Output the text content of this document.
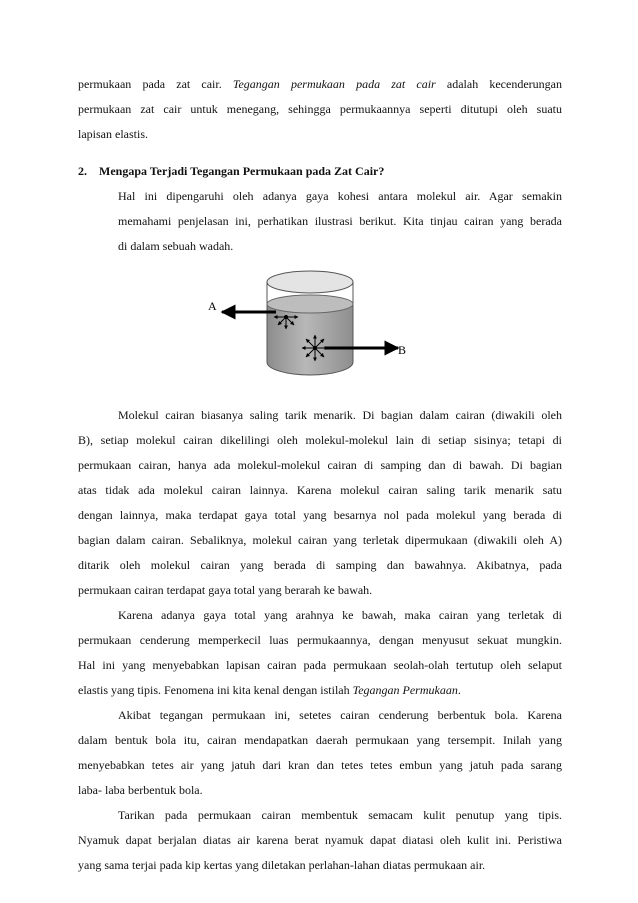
permukaan pada zat cair. Tegangan permukaan pada zat cair adalah kecenderungan
permukaan zat cair untuk menegang, sehingga permukaannya seperti ditutupi oleh suatu
lapisan elastis.
2. Mengapa Terjadi Tegangan Permukaan pada Zat Cair?
Hal ini dipengaruhi oleh adanya gaya kohesi antara molekul air. Agar semakin
memahami penjelasan ini, perhatikan ilustrasi berikut. Kita tinjau cairan yang berada
di dalam sebuah wadah.
A
B
Molekul cairan biasanya saling tarik menarik. Di bagian dalam cairan (diwakili oleh
B), setiap molekul cairan dikelilingi oleh molekul-molekul lain di setiap sisinya; tetapi di
permukaan cairan, hanya ada molekul-molekul cairan di samping dan di bawah. Di bagian
atas tidak ada molekul cairan lainnya. Karena molekul cairan saling tarik menarik satu
dengan lainnya, maka terdapat gaya total yang besarnya nol pada molekul yang berada di
bagian dalam cairan. Sebaliknya, molekul cairan yang terletak dipermukaan (diwakili oleh A)
ditarik oleh molekul cairan yang berada di samping dan bawahnya. Akibatnya, pada
permukaan cairan terdapat gaya total yang berarah ke bawah.
Karena adanya gaya total yang arahnya ke bawah, maka cairan yang terletak di
permukaan cenderung memperkecil luas permukaannya, dengan menyusut sekuat mungkin.
Hal ini yang menyebabkan lapisan cairan pada permukaan seolah-olah tertutup oleh selaput
elastis yang tipis. Fenomena ini kita kenal dengan istilah Tegangan Permukaan.
Akibat tegangan permukaan ini, setetes cairan cenderung berbentuk bola. Karena
dalam bentuk bola itu, cairan mendapatkan daerah permukaan yang tersempit. Inilah yang
menyebabkan tetes air yang jatuh dari kran dan tetes tetes embun yang jatuh pada sarang
laba- laba berbentuk bola.
Tarikan pada permukaan cairan membentuk semacam kulit penutup yang tipis.
Nyamuk dapat berjalan diatas air karena berat nyamuk dapat diatasi oleh kulit ini. Peristiwa
yang sama terjai pada kip kertas yang diletakan perlahan-lahan diatas permukaan air.
